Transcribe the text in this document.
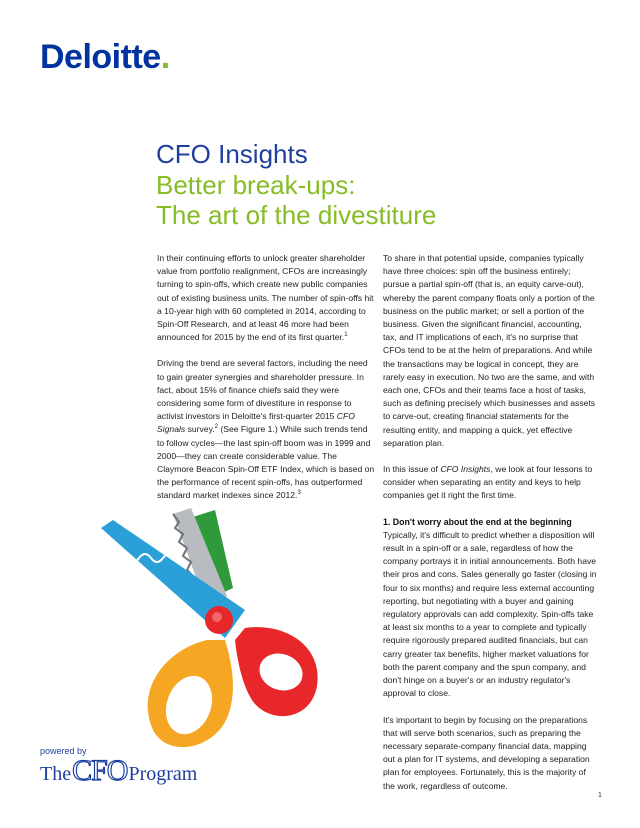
Deloitte.
CFO Insights
Better break-ups:
The art of the divestiture

In their continuing efforts to unlock greater shareholder value from portfolio realignment, CFOs are increasingly turning to spin-offs, which create new public companies out of existing business units. The number of spin-offs hit a 10-year high with 60 completed in 2014, according to Spin-Off Research, and at least 46 more had been announced for 2015 by the end of its first quarter.$^1$

Driving the trend are several factors, including the need to gain greater synergies and shareholder pressure. In fact, about 15% of finance chiefs said they were considering some form of divestiture in response to activist investors in Deloitte's first-quarter 2015 CFO Signals survey.$^2$ (See Figure 1.) While such trends tend to follow cycles—the last spin-off boom was in 1999 and 2000—they can create considerable value. The Claymore Beacon Spin-Off ETF Index, which is based on the performance of recent spin-offs, has outperformed standard market indexes since 2012.$^3$

To share in that potential upside, companies typically have three choices: spin off the business entirely; pursue a partial spin-off (that is, an equity carve-out), whereby the parent company floats only a portion of the business on the public market; or sell a portion of the business. Given the significant financial, accounting, tax, and IT implications of each, it's no surprise that CFOs tend to be at the helm of preparations. And while the transactions may be logical in concept, they are rarely easy in execution. No two are the same, and with each one, CFOs and their teams face a host of tasks, such as defining precisely which businesses and assets to carve-out, creating financial statements for the resulting entity, and mapping a quick, yet effective separation plan.

In this issue of CFO Insights, we look at four lessons to consider when separating an entity and keys to help companies get it right the first time.

1. Don't worry about the end at the beginning

Typically, it's difficult to predict whether a disposition will result in a spin-off or a sale, regardless of how the company portrays it in initial announcements. Both have their pros and cons. Sales generally go faster (closing in four to six months) and require less external accounting reporting, but negotiating with a buyer and gaining regulatory approvals can add complexity. Spin-offs take at least six months to a year to complete and typically require rigorously prepared audited financials, but can carry greater tax benefits, higher market valuations for both the parent company and the spun company, and don't hinge on a buyer's or an industry regulator's approval to close.

It's important to begin by focusing on the preparations that will serve both scenarios, such as preparing the necessary separate-company financial data, mapping out a plan for IT systems, and developing a separation plan for employees. Fortunately, this is the majority of the work, regardless of outcome.

powered by
TheCFOProgram
1
